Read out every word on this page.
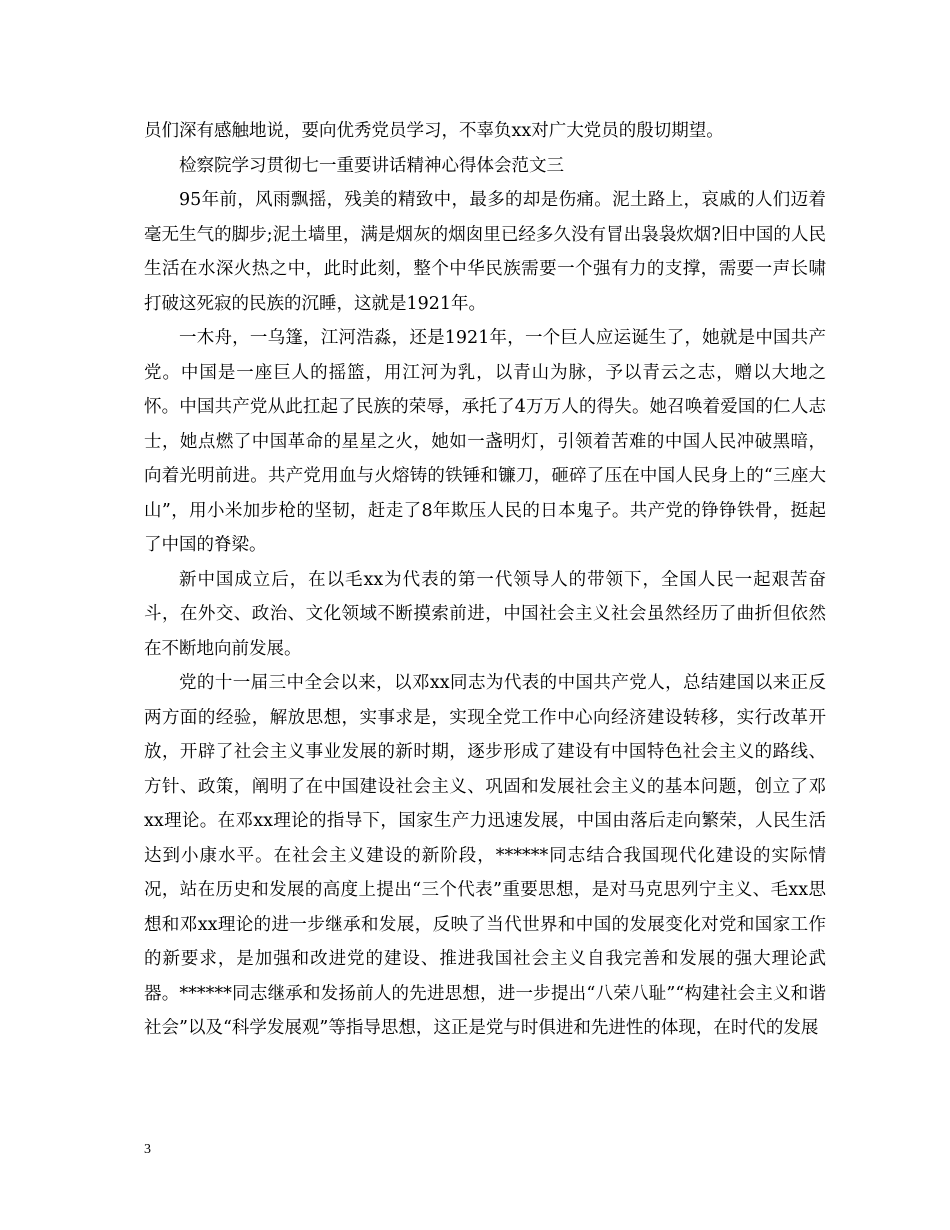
员们深有感触地说，要向优秀党员学习，不辜负xx对广大党员的殷切期望。

检察院学习贯彻七一重要讲话精神心得体会范文三

95年前，风雨飘摇，残美的精致中，最多的却是伤痛。泥土路上，哀戚的人们迈着毫无生气的脚步;泥土墙里，满是烟灰的烟囱里已经多久没有冒出袅袅炊烟?旧中国的人民生活在水深火热之中，此时此刻，整个中华民族需要一个强有力的支撑，需要一声长啸打破这死寂的民族的沉睡，这就是1921年。

一木舟，一乌篷，江河浩淼，还是1921年，一个巨人应运诞生了，她就是中国共产党。中国是一座巨人的摇篮，用江河为乳，以青山为脉，予以青云之志，赠以大地之怀。中国共产党从此扛起了民族的荣辱，承托了4万万人的得失。她召唤着爱国的仁人志士，她点燃了中国革命的星星之火，她如一盏明灯，引领着苦难的中国人民冲破黑暗，向着光明前进。共产党用血与火熔铸的铁锤和镰刀，砸碎了压在中国人民身上的“三座大山”，用小米加步枪的坚韧，赶走了8年欺压人民的日本鬼子。共产党的铮铮铁骨，挺起了中国的脊梁。

新中国成立后，在以毛xx为代表的第一代领导人的带领下，全国人民一起艰苦奋斗，在外交、政治、文化领域不断摸索前进，中国社会主义社会虽然经历了曲折但依然在不断地向前发展。

党的十一届三中全会以来，以邓xx同志为代表的中国共产党人，总结建国以来正反两方面的经验，解放思想，实事求是，实现全党工作中心向经济建设转移，实行改革开放，开辟了社会主义事业发展的新时期，逐步形成了建设有中国特色社会主义的路线、方针、政策，阐明了在中国建设社会主义、巩固和发展社会主义的基本问题，创立了邓xx理论。在邓xx理论的指导下，国家生产力迅速发展，中国由落后走向繁荣，人民生活达到小康水平。在社会主义建设的新阶段，******同志结合我国现代化建设的实际情况，站在历史和发展的高度上提出“三个代表”重要思想，是对马克思列宁主义、毛xx思想和邓xx理论的进一步继承和发展，反映了当代世界和中国的发展变化对党和国家工作的新要求，是加强和改进党的建设、推进我国社会主义自我完善和发展的强大理论武器。******同志继承和发扬前人的先进思想，进一步提出“八荣八耻”“构建社会主义和谐社会”以及“科学发展观”等指导思想，这正是党与时俱进和先进性的体现，在时代的发展

3
